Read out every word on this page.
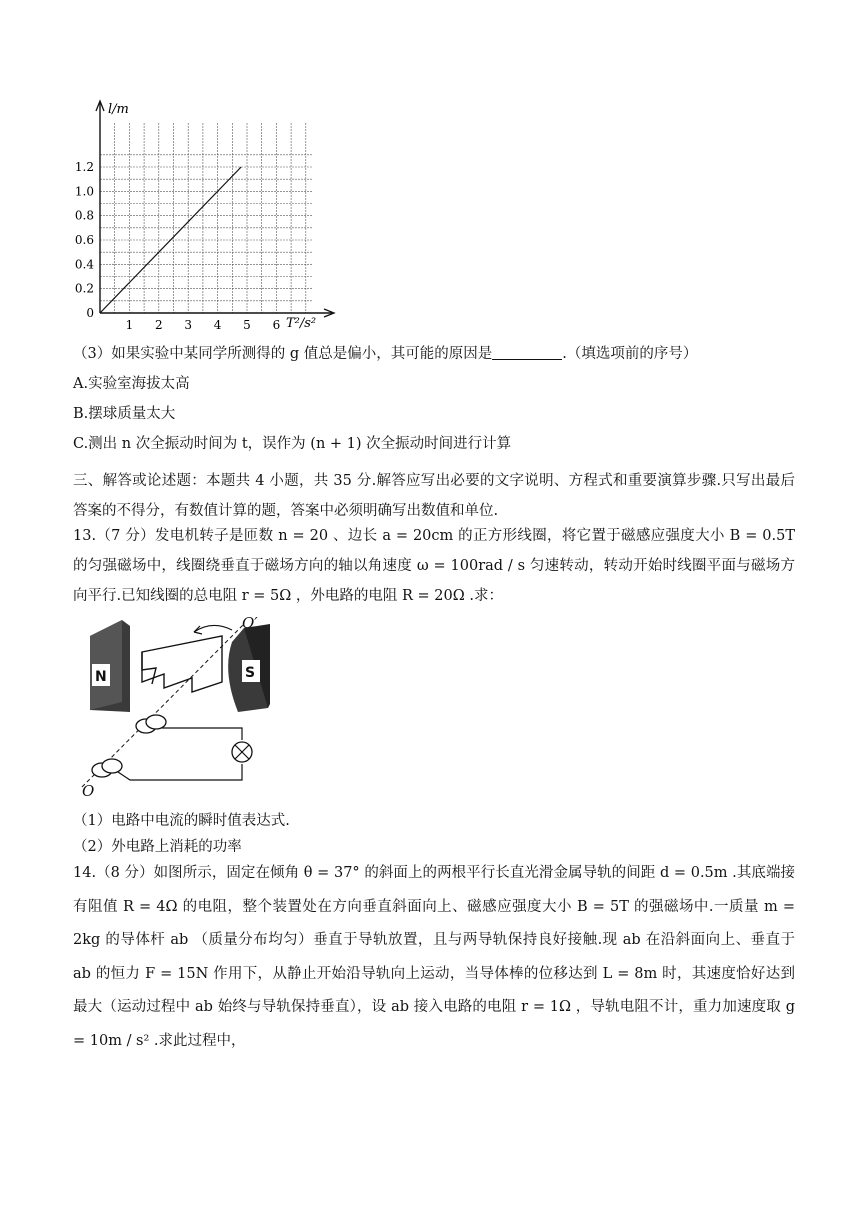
l/m
T²/s²
1.2
1.0
0.8
0.6
0.4
0.2
0
1 2 3 4 5 6
（3）如果实验中某同学所测得的 g 值总是偏小，其可能的原因是	.（填选项前的序号）
A.实验室海拔太高
B.摆球质量太大
C.测出 n 次全振动时间为 t，误作为 (n + 1) 次全振动时间进行计算
三、解答或论述题：本题共 4 小题，共 35 分.解答应写出必要的文字说明、方程式和重要演算步骤.只写出最后答案的不得分，有数值计算的题，答案中必须明确写出数值和单位.
13.（7 分）发电机转子是匝数 n = 20 、边长 a = 20cm 的正方形线圈，将它置于磁感应强度大小 B = 0.5T 的匀强磁场中，线圈绕垂直于磁场方向的轴以角速度 ω = 100rad / s 匀速转动，转动开始时线圈平面与磁场方向平行.已知线圈的总电阻 r = 5Ω ，外电路的电阻 R = 20Ω .求：
N	S
O′
O
（1）电路中电流的瞬时值表达式.
（2）外电路上消耗的功率
14.（8 分）如图所示，固定在倾角 θ = 37° 的斜面上的两根平行长直光滑金属导轨的间距 d = 0.5m .其底端接有阻值 R = 4Ω 的电阻，整个装置处在方向垂直斜面向上、磁感应强度大小 B = 5T 的强磁场中.一质量 m = 2kg 的导体杆 ab （质量分布均匀）垂直于导轨放置，且与两导轨保持良好接触.现 ab 在沿斜面向上、垂直于 ab 的恒力 F = 15N 作用下，从静止开始沿导轨向上运动，当导体棒的位移达到 L = 8m 时，其速度恰好达到最大（运动过程中 ab 始终与导轨保持垂直），设 ab 接入电路的电阻 r = 1Ω ，导轨电阻不计，重力加速度取 g = 10m / s² .求此过程中，
